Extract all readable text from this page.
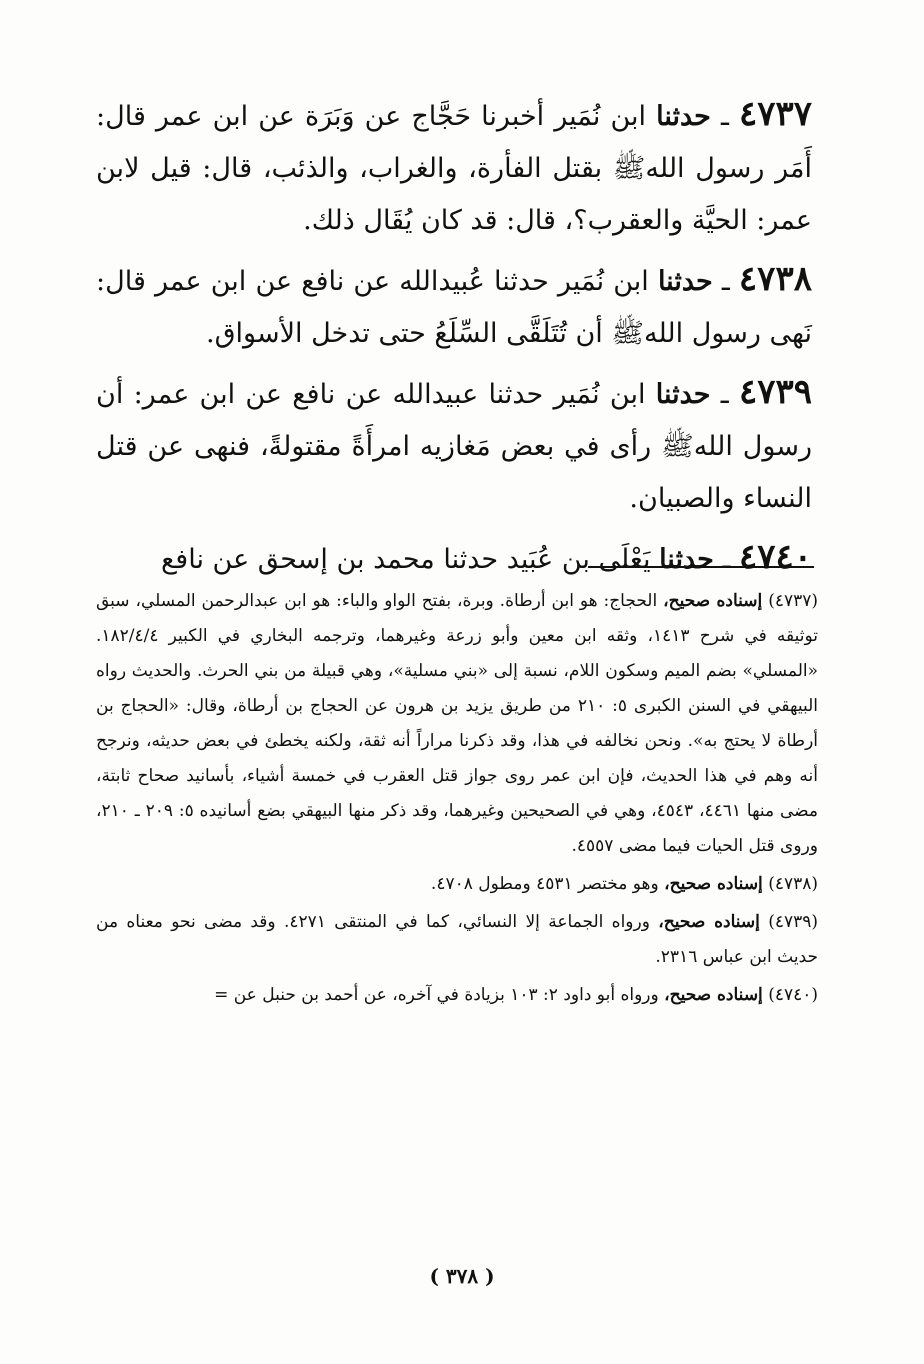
٤٧٣٧ ـ حدثنا ابن نُمَير أخبرنا حَجَّاج عن وَبَرَة عن ابن عمر قال: أَمَر رسول اللهﷺ بقتل الفأرة، والغراب، والذئب، قال: قيل لابن عمر: الحيَّة والعقرب؟، قال: قد كان يُقَال ذلك.

٤٧٣٨ ـ حدثنا ابن نُمَير حدثنا عُبيدالله عن نافع عن ابن عمر قال: نَهى رسول اللهﷺ أن تُتَلَقَّى السِّلَعُ حتى تدخل الأسواق.

٤٧٣٩ ـ حدثنا ابن نُمَير حدثنا عبيدالله عن نافع عن ابن عمر: أن رسول اللهﷺ رأى في بعض مَغازيه امرأَةً مقتولةً، فنهى عن قتل النساء والصبيان.

٤٧٤٠ ـ حدثنا يَعْلَى بن عُبَيد حدثنا محمد بن إسحق عن نافع

(٤٧٣٧) إسناده صحيح، الحجاج: هو ابن أرطاة. وبرة، بفتح الواو والباء: هو ابن عبدالرحمن المسلي، سبق توثيقه في شرح ١٤١٣، وثقه ابن معين وأبو زرعة وغيرهما، وترجمه البخاري في الكبير ١٨٢/٤/٤. «المسلي» بضم الميم وسكون اللام، نسبة إلى «بني مسلية»، وهي قبيلة من بني الحرث. والحديث رواه البيهقي في السنن الكبرى ٥: ٢١٠ من طريق يزيد بن هرون عن الحجاج بن أرطاة، وقال: «الحجاج بن أرطاة لا يحتج به». ونحن نخالفه في هذا، وقد ذكرنا مراراً أنه ثقة، ولكنه يخطئ في بعض حديثه، ونرجح أنه وهم في هذا الحديث، فإن ابن عمر روى جواز قتل العقرب في خمسة أشياء، بأسانيد صحاح ثابتة، مضى منها ٤٤٦١، ٤٥٤٣، وهي في الصحيحين وغيرهما، وقد ذكر منها البيهقي بضع أسانيده ٥: ٢٠٩ ـ ٢١٠، وروى قتل الحيات فيما مضى ٤٥٥٧.

(٤٧٣٨) إسناده صحيح، وهو مختصر ٤٥٣١ ومطول ٤٧٠٨.

(٤٧٣٩) إسناده صحيح، ورواه الجماعة إلا النسائي، كما في المنتقى ٤٢٧١. وقد مضى نحو معناه من حديث ابن عباس ٢٣١٦.

(٤٧٤٠) إسناده صحيح، ورواه أبو داود ٢: ١٠٣ بزيادة في آخره، عن أحمد بن حنبل عن =

( ٣٧٨ )
